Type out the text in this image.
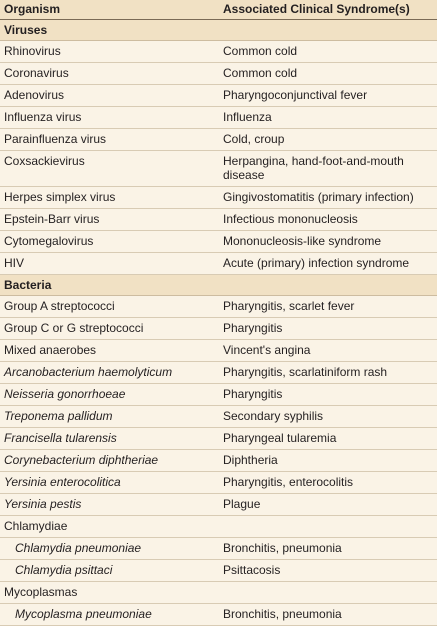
Organism	Associated Clinical Syndrome(s)
Viruses	
Rhinovirus	Common cold
Coronavirus	Common cold
Adenovirus	Pharyngoconjunctival fever
Influenza virus	Influenza
Parainfluenza virus	Cold, croup
Coxsackievirus	Herpangina, hand-foot-and-mouth disease
Herpes simplex virus	Gingivostomatitis (primary infection)
Epstein-Barr virus	Infectious mononucleosis
Cytomegalovirus	Mononucleosis-like syndrome
HIV	Acute (primary) infection syndrome
Bacteria	
Group A streptococci	Pharyngitis, scarlet fever
Group C or G streptococci	Pharyngitis
Mixed anaerobes	Vincent's angina
Arcanobacterium haemolyticum	Pharyngitis, scarlatiniform rash
Neisseria gonorrhoeae	Pharyngitis
Treponema pallidum	Secondary syphilis
Francisella tularensis	Pharyngeal tularemia
Corynebacterium diphtheriae	Diphtheria
Yersinia enterocolitica	Pharyngitis, enterocolitis
Yersinia pestis	Plague
Chlamydiae	
Chlamydia pneumoniae	Bronchitis, pneumonia
Chlamydia psittaci	Psittacosis
Mycoplasmas	
Mycoplasma pneumoniae	Bronchitis, pneumonia
